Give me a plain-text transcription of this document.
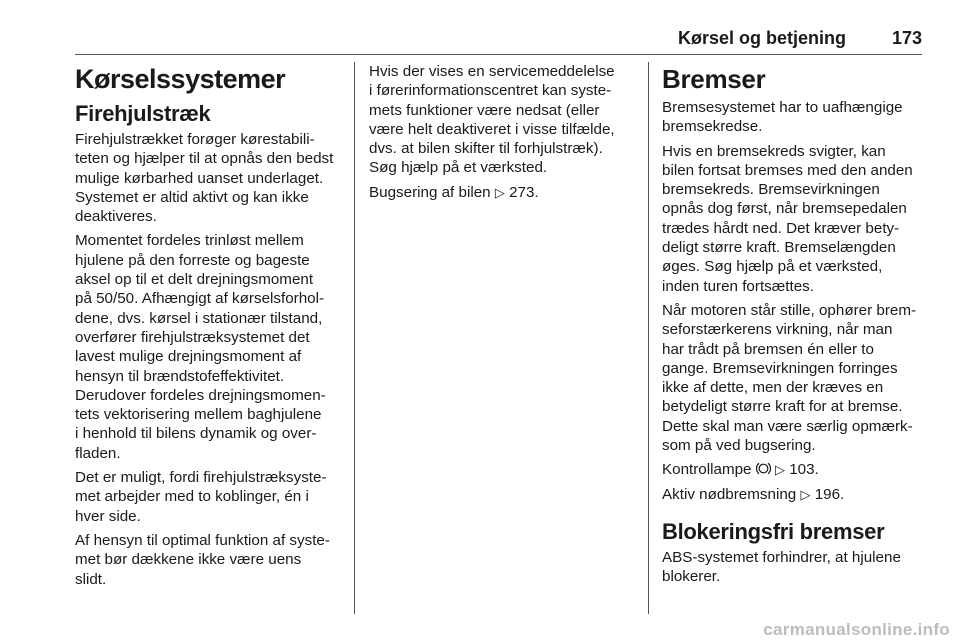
Kørsel og betjening	173
Kørselssystemer
Firehjulstræk

Firehjulstrækket forøger kørestabili-
teten og hjælper til at opnås den bedst
mulige kørbarhed uanset underlaget.
Systemet er altid aktivt og kan ikke
deaktiveres.

Momentet fordeles trinløst mellem
hjulene på den forreste og bageste
aksel op til et delt drejningsmoment
på 50/50. Afhængigt af kørselsforhol-
dene, dvs. kørsel i stationær tilstand,
overfører firehjulstræksystemet det
lavest mulige drejningsmoment af
hensyn til brændstofeffektivitet.
Derudover fordeles drejningsmomen-
tets vektorisering mellem baghjulene
i henhold til bilens dynamik og over-
fladen.

Det er muligt, fordi firehjulstræksyste-
met arbejder med to koblinger, én i
hver side.

Af hensyn til optimal funktion af syste-
met bør dækkene ikke være uens
slidt.

Hvis der vises en servicemeddelelse
i førerinformationscentret kan syste-
mets funktioner være nedsat (eller
være helt deaktiveret i visse tilfælde,
dvs. at bilen skifter til forhjulstræk).
Søg hjælp på et værksted.

Bugsering af bilen ▷ 273.

Bremser

Bremsesystemet har to uafhængige
bremsekredse.

Hvis en bremsekreds svigter, kan
bilen fortsat bremses med den anden
bremsekreds. Bremsevirkningen
opnås dog først, når bremsepedalen
trædes hårdt ned. Det kræver bety-
deligt større kraft. Bremselængden
øges. Søg hjælp på et værksted,
inden turen fortsættes.

Når motoren står stille, ophører brem-
seforstærkerens virkning, når man
har trådt på bremsen én eller to
gange. Bremsevirkningen forringes
ikke af dette, men der kræves en
betydeligt større kraft for at bremse.
Dette skal man være særlig opmærk-
som på ved bugsering.

Kontrollampe ▷ 103.

Aktiv nødbremsning ▷ 196.

Blokeringsfri bremser

ABS-systemet forhindrer, at hjulene
blokerer.

carmanualsonline.info
